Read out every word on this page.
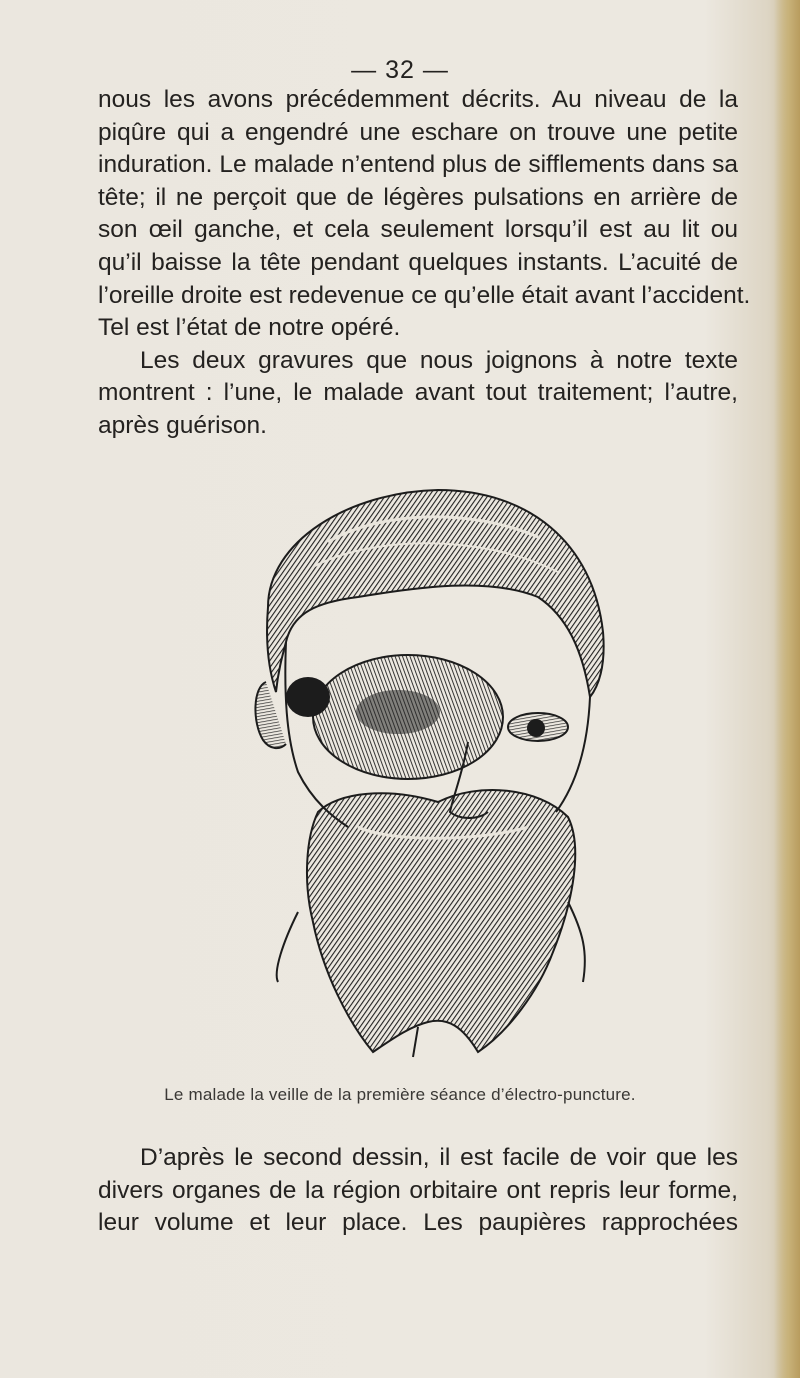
— 32 —
nous les avons précédemment décrits. Au niveau de la
piqûre qui a engendré une eschare on trouve une petite
induration. Le malade n’entend plus de sifflements dans sa
tête; il ne perçoit que de légères pulsations en arrière de
son œil ganche, et cela seulement lorsqu’il est au lit ou
qu’il baisse la tête pendant quelques instants. L’acuité de
l’oreille droite est redevenue ce qu’elle était avant l’accident.
Tel est l’état de notre opéré.
Les deux gravures que nous joignons à notre texte
montrent : l’une, le malade avant tout traitement; l’autre,
après guérison.
Le malade la veille de la première séance d’électro-puncture.
D’après le second dessin, il est facile de voir que les
divers organes de la région orbitaire ont repris leur forme,
leur volume et leur place. Les paupières rapprochées
